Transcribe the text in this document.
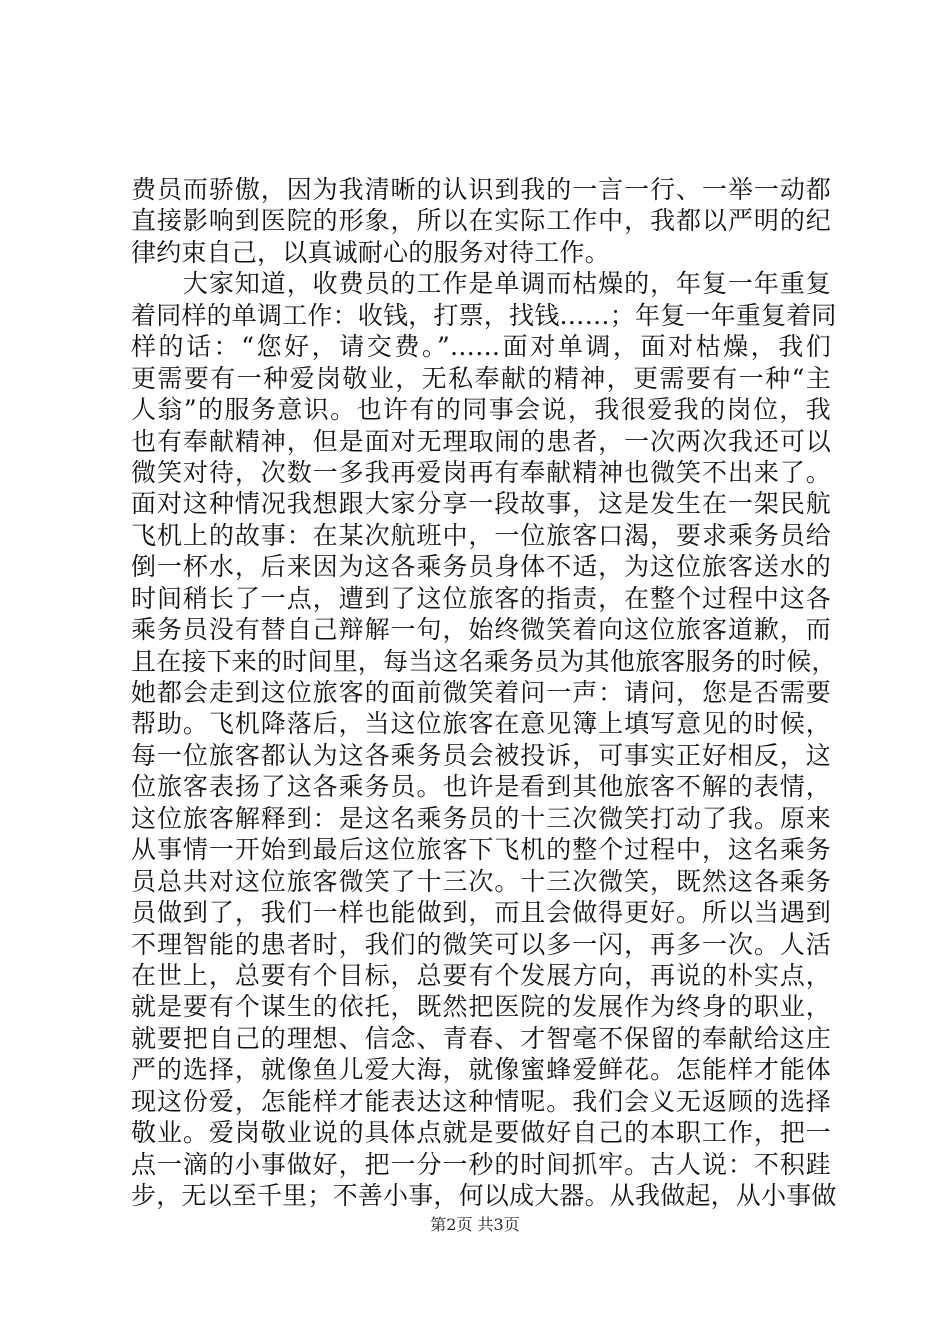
费员而骄傲，因为我清晰的认识到我的一言一行、一举一动都
直接影响到医院的形象，所以在实际工作中，我都以严明的纪
律约束自己，以真诚耐心的服务对待工作。
　　大家知道，收费员的工作是单调而枯燥的，年复一年重复
着同样的单调工作：收钱，打票，找钱……；年复一年重复着同
样的话：“您好，请交费。”……面对单调，面对枯燥，我们
更需要有一种爱岗敬业，无私奉献的精神，更需要有一种“主
人翁”的服务意识。也许有的同事会说，我很爱我的岗位，我
也有奉献精神，但是面对无理取闹的患者，一次两次我还可以
微笑对待，次数一多我再爱岗再有奉献精神也微笑不出来了。
面对这种情况我想跟大家分享一段故事，这是发生在一架民航
飞机上的故事：在某次航班中，一位旅客口渴，要求乘务员给
倒一杯水，后来因为这各乘务员身体不适，为这位旅客送水的
时间稍长了一点，遭到了这位旅客的指责，在整个过程中这各
乘务员没有替自己辩解一句，始终微笑着向这位旅客道歉，而
且在接下来的时间里，每当这名乘务员为其他旅客服务的时候，
她都会走到这位旅客的面前微笑着问一声：请问，您是否需要
帮助。飞机降落后，当这位旅客在意见簿上填写意见的时候，
每一位旅客都认为这各乘务员会被投诉，可事实正好相反，这
位旅客表扬了这各乘务员。也许是看到其他旅客不解的表情，
这位旅客解释到：是这名乘务员的十三次微笑打动了我。原来
从事情一开始到最后这位旅客下飞机的整个过程中，这名乘务
员总共对这位旅客微笑了十三次。十三次微笑，既然这各乘务
员做到了，我们一样也能做到，而且会做得更好。所以当遇到
不理智能的患者时，我们的微笑可以多一闪，再多一次。人活
在世上，总要有个目标，总要有个发展方向，再说的朴实点，
就是要有个谋生的依托，既然把医院的发展作为终身的职业，
就要把自己的理想、信念、青春、才智毫不保留的奉献给这庄
严的选择，就像鱼儿爱大海，就像蜜蜂爱鲜花。怎能样才能体
现这份爱，怎能样才能表达这种情呢。我们会义无返顾的选择
敬业。爱岗敬业说的具体点就是要做好自己的本职工作，把一
点一滴的小事做好，把一分一秒的时间抓牢。古人说：不积跬
步，无以至千里；不善小事，何以成大器。从我做起，从小事做
第2页 共3页
